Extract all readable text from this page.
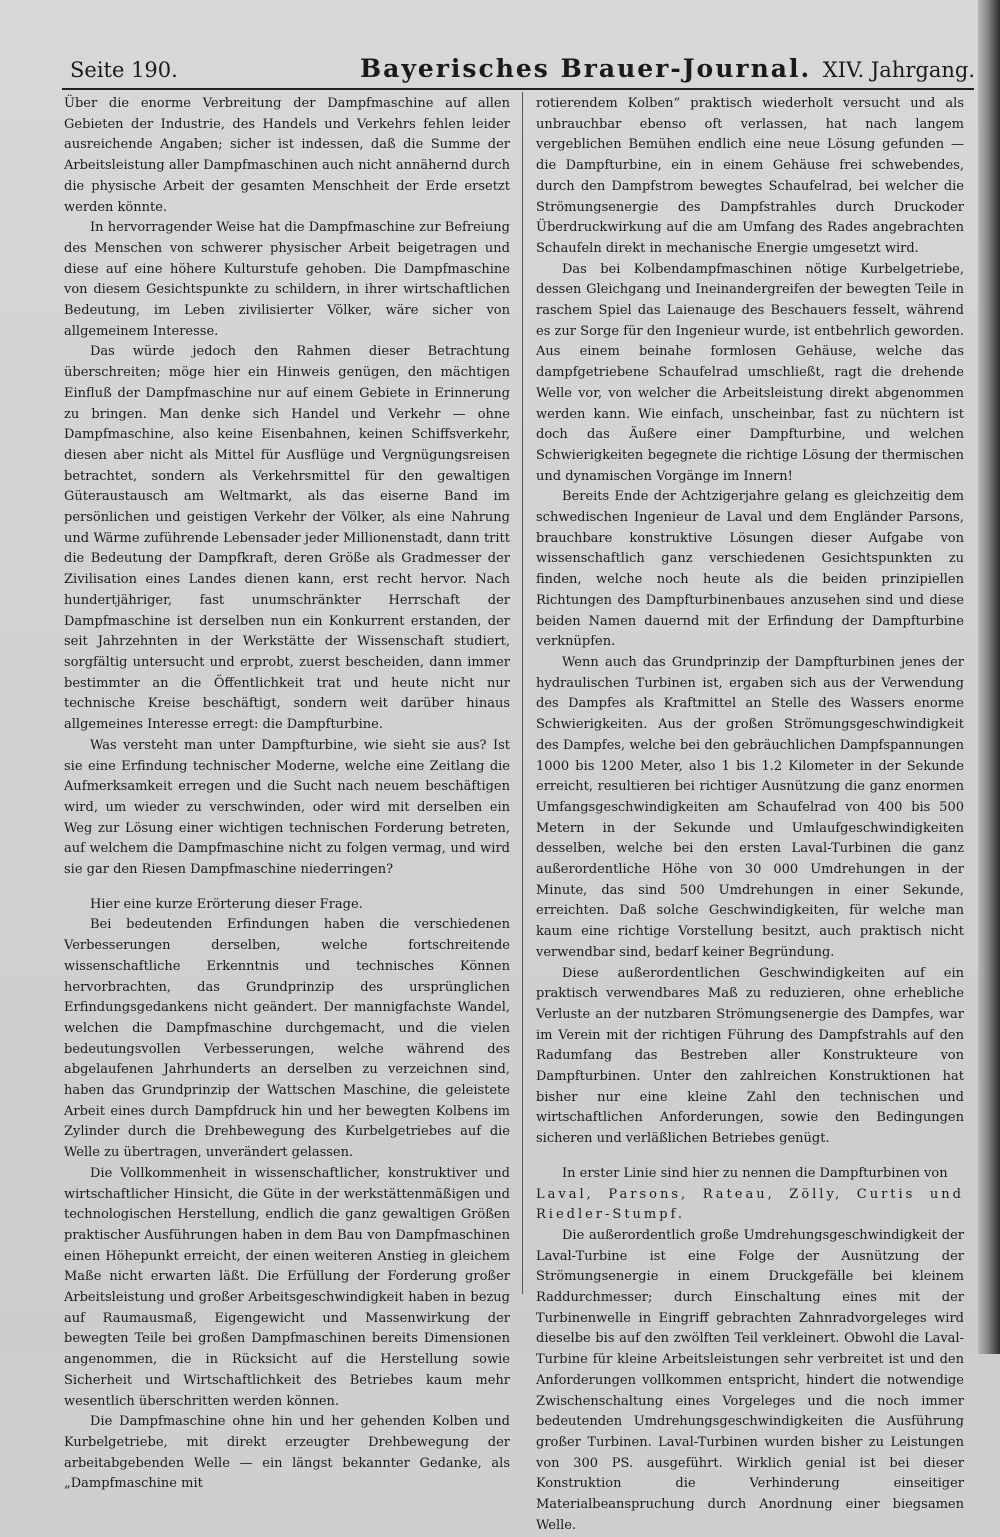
Seite 190.	Bayerisches Brauer-Journal. XIV. Jahrgang.

Über die enorme Verbreitung der Dampfmaschine auf allen Gebieten der Industrie, des Handels und Verkehrs fehlen leider ausreichende Angaben; sicher ist indessen, daß die Summe der Arbeitsleistung aller Dampfmaschinen auch nicht annähernd durch die physische Arbeit der gesamten Menschheit der Erde ersetzt werden könnte.

In hervorragender Weise hat die Dampfmaschine zur Befreiung des Menschen von schwerer physischer Arbeit beigetragen und diese auf eine höhere Kulturstufe gehoben. Die Dampfmaschine von diesem Gesichtspunkte zu schildern, in ihrer wirtschaftlichen Bedeutung, im Leben zivilisierter Völker, wäre sicher von allgemeinem Interesse.

Das würde jedoch den Rahmen dieser Betrachtung überschreiten; möge hier ein Hinweis genügen, den mächtigen Einfluß der Dampfmaschine nur auf einem Gebiete in Erinnerung zu bringen. Man denke sich Handel und Verkehr — ohne Dampfmaschine, also keine Eisenbahnen, keinen Schiffsverkehr, diesen aber nicht als Mittel für Ausflüge und Vergnügungsreisen betrachtet, sondern als Verkehrsmittel für den gewaltigen Güteraustausch am Weltmarkt, als das eiserne Band im persönlichen und geistigen Verkehr der Völker, als eine Nahrung und Wärme zuführende Lebensader jeder Millionenstadt, dann tritt die Bedeutung der Dampfkraft, deren Größe als Gradmesser der Zivilisation eines Landes dienen kann, erst recht hervor. Nach hundertjähriger, fast unumschränkter Herrschaft der Dampfmaschine ist derselben nun ein Konkurrent erstanden, der seit Jahrzehnten in der Werkstätte der Wissenschaft studiert, sorgfältig untersucht und erprobt, zuerst bescheiden, dann immer bestimmter an die Öffentlichkeit trat und heute nicht nur technische Kreise beschäftigt, sondern weit darüber hinaus allgemeines Interesse erregt: die Dampfturbine.

Was versteht man unter Dampfturbine, wie sieht sie aus? Ist sie eine Erfindung technischer Moderne, welche eine Zeitlang die Aufmerksamkeit erregen und die Sucht nach neuem beschäftigen wird, um wieder zu verschwinden, oder wird mit derselben ein Weg zur Lösung einer wichtigen technischen Forderung betreten, auf welchem die Dampfmaschine nicht zu folgen vermag, und wird sie gar den Riesen Dampfmaschine niederringen?

Hier eine kurze Erörterung dieser Frage.

Bei bedeutenden Erfindungen haben die verschiedenen Verbesserungen derselben, welche fortschreitende wissenschaftliche Erkenntnis und technisches Können hervorbrachten, das Grundprinzip des ursprünglichen Erfindungsgedankens nicht geändert. Der mannigfachste Wandel, welchen die Dampfmaschine durchgemacht, und die vielen bedeutungsvollen Verbesserungen, welche während des abgelaufenen Jahrhunderts an derselben zu verzeichnen sind, haben das Grundprinzip der Wattschen Maschine, die geleistete Arbeit eines durch Dampfdruck hin und her bewegten Kolbens im Zylinder durch die Drehbewegung des Kurbelgetriebes auf die Welle zu übertragen, unverändert gelassen.

Die Vollkommenheit in wissenschaftlicher, konstruktiver und wirtschaftlicher Hinsicht, die Güte in der werkstättenmäßigen und technologischen Herstellung, endlich die ganz gewaltigen Größen praktischer Ausführungen haben in dem Bau von Dampfmaschinen einen Höhepunkt erreicht, der einen weiteren Anstieg in gleichem Maße nicht erwarten läßt. Die Erfüllung der Forderung großer Arbeitsleistung und großer Arbeitsgeschwindigkeit haben in bezug auf Raumausmaß, Eigengewicht und Massenwirkung der bewegten Teile bei großen Dampfmaschinen bereits Dimensionen angenommen, die in Rücksicht auf die Herstellung sowie Sicherheit und Wirtschaftlichkeit des Betriebes kaum mehr wesentlich überschritten werden können.

Die Dampfmaschine ohne hin und her gehenden Kolben und Kurbelgetriebe, mit direkt erzeugter Drehbewegung der arbeitabgebenden Welle — ein längst bekannter Gedanke, als „Dampfmaschine mit

rotierendem Kolben“ praktisch wiederholt versucht und als unbrauchbar ebenso oft verlassen, hat nach langem vergeblichen Bemühen endlich eine neue Lösung gefunden — die Dampfturbine, ein in einem Gehäuse frei schwebendes, durch den Dampfstrom bewegtes Schaufelrad, bei welcher die Strömungsenergie des Dampfstrahles durch Druckoder Überdruckwirkung auf die am Umfang des Rades angebrachten Schaufeln direkt in mechanische Energie umgesetzt wird.

Das bei Kolbendampfmaschinen nötige Kurbelgetriebe, dessen Gleichgang und Ineinandergreifen der bewegten Teile in raschem Spiel das Laienauge des Beschauers fesselt, während es zur Sorge für den Ingenieur wurde, ist entbehrlich geworden. Aus einem beinahe formlosen Gehäuse, welche das dampfgetriebene Schaufelrad umschließt, ragt die drehende Welle vor, von welcher die Arbeitsleistung direkt abgenommen werden kann. Wie einfach, unscheinbar, fast zu nüchtern ist doch das Äußere einer Dampfturbine, und welchen Schwierigkeiten begegnete die richtige Lösung der thermischen und dynamischen Vorgänge im Innern!

Bereits Ende der Achtzigerjahre gelang es gleichzeitig dem schwedischen Ingenieur de Laval und dem Engländer Parsons, brauchbare konstruktive Lösungen dieser Aufgabe von wissenschaftlich ganz verschiedenen Gesichtspunkten zu finden, welche noch heute als die beiden prinzipiellen Richtungen des Dampfturbinenbaues anzusehen sind und diese beiden Namen dauernd mit der Erfindung der Dampfturbine verknüpfen.

Wenn auch das Grundprinzip der Dampfturbinen jenes der hydraulischen Turbinen ist, ergaben sich aus der Verwendung des Dampfes als Kraftmittel an Stelle des Wassers enorme Schwierigkeiten. Aus der großen Strömungsgeschwindigkeit des Dampfes, welche bei den gebräuchlichen Dampfspannungen 1000 bis 1200 Meter, also 1 bis 1.2 Kilometer in der Sekunde erreicht, resultieren bei richtiger Ausnützung die ganz enormen Umfangsgeschwindigkeiten am Schaufelrad von 400 bis 500 Metern in der Sekunde und Umlaufgeschwindigkeiten desselben, welche bei den ersten Laval-Turbinen die ganz außerordentliche Höhe von 30 000 Umdrehungen in der Minute, das sind 500 Umdrehungen in einer Sekunde, erreichten. Daß solche Geschwindigkeiten, für welche man kaum eine richtige Vorstellung besitzt, auch praktisch nicht verwendbar sind, bedarf keiner Begründung.

Diese außerordentlichen Geschwindigkeiten auf ein praktisch verwendbares Maß zu reduzieren, ohne erhebliche Verluste an der nutzbaren Strömungsenergie des Dampfes, war im Verein mit der richtigen Führung des Dampfstrahls auf den Radumfang das Bestreben aller Konstrukteure von Dampfturbinen. Unter den zahlreichen Konstruktionen hat bisher nur eine kleine Zahl den technischen und wirtschaftlichen Anforderungen, sowie den Bedingungen sicheren und verläßlichen Betriebes genügt.

In erster Linie sind hier zu nennen die Dampfturbinen von

Laval, Parsons, Rateau, Zölly, Curtis und Riedler-Stumpf.

Die außerordentlich große Umdrehungsgeschwindigkeit der Laval-Turbine ist eine Folge der Ausnützung der Strömungsenergie in einem Druckgefälle bei kleinem Raddurchmesser; durch Einschaltung eines mit der Turbinenwelle in Eingriff gebrachten Zahnradvorgeleges wird dieselbe bis auf den zwölften Teil verkleinert. Obwohl die Laval-Turbine für kleine Arbeitsleistungen sehr verbreitet ist und den Anforderungen vollkommen entspricht, hindert die notwendige Zwischenschaltung eines Vorgeleges und die noch immer bedeutenden Umdrehungsgeschwindigkeiten die Ausführung großer Turbinen. Laval-Turbinen wurden bisher zu Leistungen von 300 PS. ausgeführt. Wirklich genial ist bei dieser Konstruktion die Verhinderung einseitiger Materialbeanspruchung durch Anordnung einer biegsamen Welle.
